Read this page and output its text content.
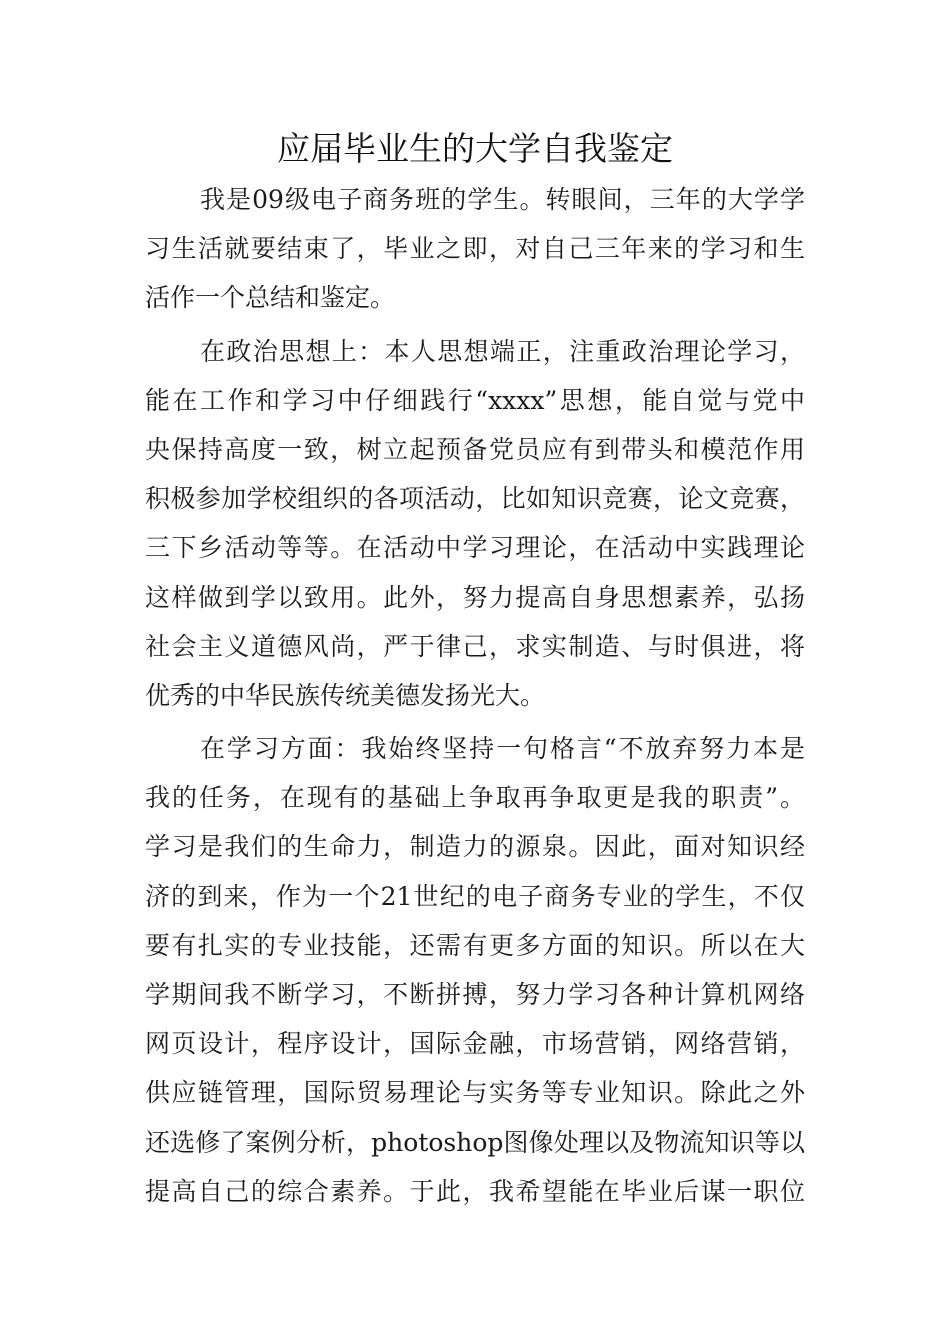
应届毕业生的大学自我鉴定
我是09级电子商务班的学生。转眼间，三年的大学学
习生活就要结束了，毕业之即，对自己三年来的学习和生
活作一个总结和鉴定。
在政治思想上：本人思想端正，注重政治理论学习，
能在工作和学习中仔细践行“xxxx”思想，能自觉与党中
央保持高度一致，树立起预备党员应有到带头和模范作用
积极参加学校组织的各项活动，比如知识竞赛，论文竞赛，
三下乡活动等等。在活动中学习理论，在活动中实践理论
这样做到学以致用。此外，努力提高自身思想素养，弘扬
社会主义道德风尚，严于律己，求实制造、与时俱进，将
优秀的中华民族传统美德发扬光大。
在学习方面：我始终坚持一句格言“不放弃努力本是
我的任务，在现有的基础上争取再争取更是我的职责”。
学习是我们的生命力，制造力的源泉。因此，面对知识经
济的到来，作为一个21世纪的电子商务专业的学生，不仅
要有扎实的专业技能，还需有更多方面的知识。所以在大
学期间我不断学习，不断拼搏，努力学习各种计算机网络
网页设计，程序设计，国际金融，市场营销，网络营销，
供应链管理，国际贸易理论与实务等专业知识。除此之外
还选修了案例分析，photoshop图像处理以及物流知识等以
提高自己的综合素养。于此，我希望能在毕业后谋一职位
